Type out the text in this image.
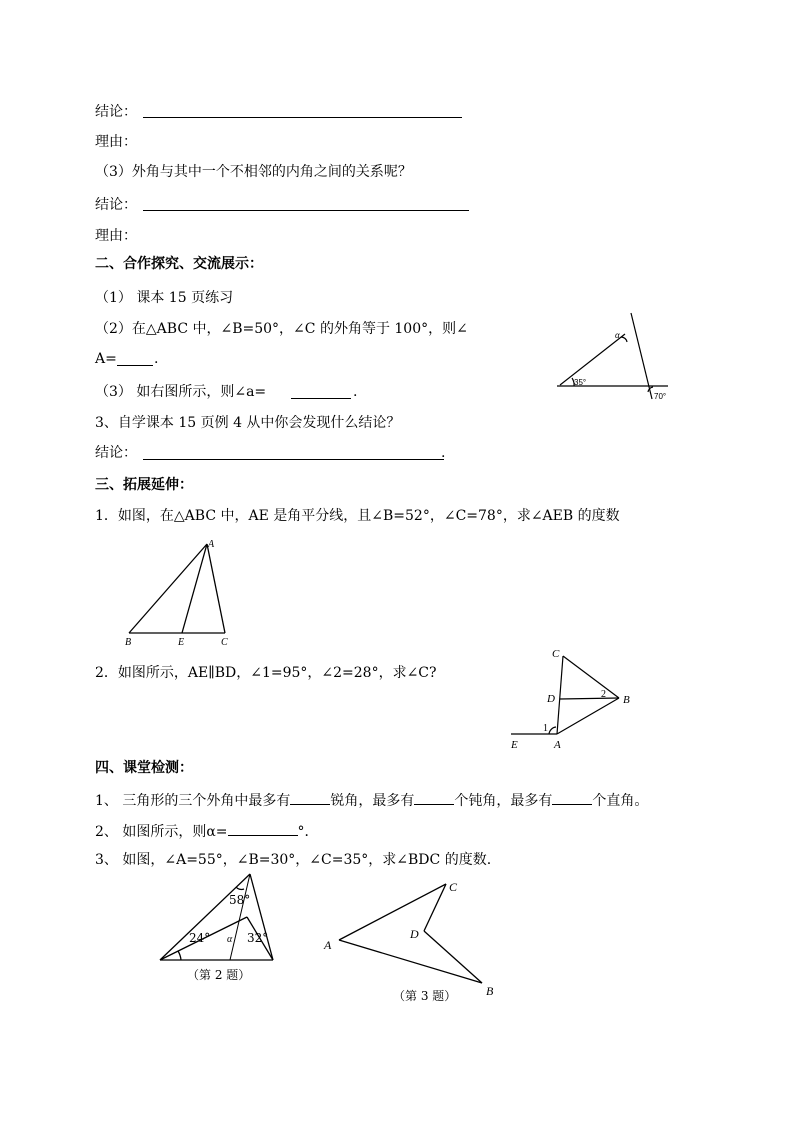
结论：
理由：
（3）外角与其中一个不相邻的内角之间的关系呢？
结论：
理由：
二、合作探究、交流展示：
（1） 课本 15 页练习
（2）在△ABC 中，∠B=50°，∠C 的外角等于 100°，则∠
A=	.
（3） 如右图所示，则∠a=	.
α
35°
70°
3、自学课本 15 页例 4 从中你会发现什么结论？
结论：	.
三、拓展延伸：
1．如图，在△ABC 中，AE 是角平分线，且∠B=52°，∠C=78°，求∠AEB 的度数
A
B	E	C
2．如图所示，AE∥BD，∠1=95°，∠2=28°，求∠C?
C
D	B
A
E
1
2
四、课堂检测：
1、 三角形的三个外角中最多有	锐角，最多有	个钝角，最多有	个直角。
2、 如图所示，则α=	°．
3、 如图，∠A=55°，∠B=30°，∠C=35°，求∠BDC 的度数.
58°
24° α 32°
（第 2 题）
A
B
C
D
（第 3 题）
